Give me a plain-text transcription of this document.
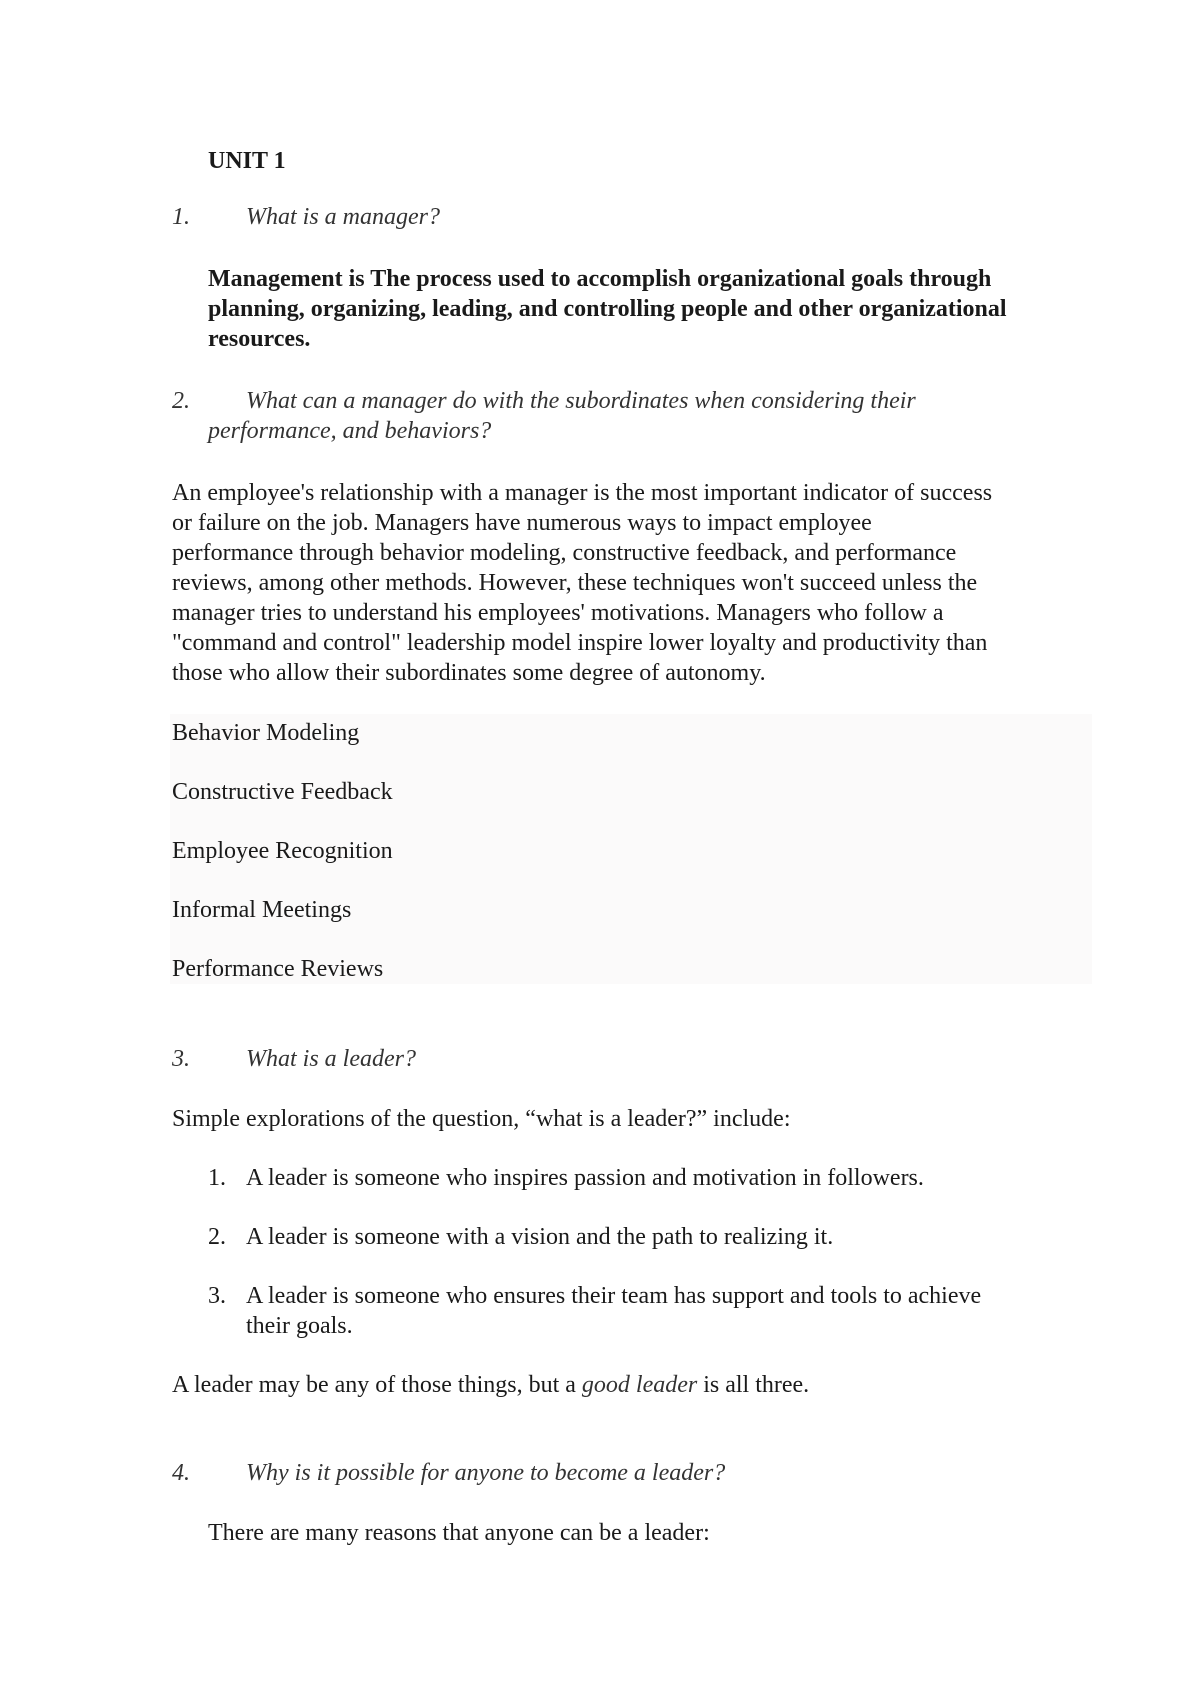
UNIT 1
1. What is a manager?

Management is The process used to accomplish organizational goals through

planning, organizing, leading, and controlling people and other organizational

resources.

2. What can a manager do with the subordinates when considering their
performance, and behaviors?

An employee's relationship with a manager is the most important indicator of success

or failure on the job. Managers have numerous ways to impact employee

performance through behavior modeling, constructive feedback, and performance

reviews, among other methods. However, these techniques won't succeed unless the

manager tries to understand his employees' motivations. Managers who follow a

"command and control" leadership model inspire lower loyalty and productivity than

those who allow their subordinates some degree of autonomy.

Behavior Modeling

Constructive Feedback

Employee Recognition

Informal Meetings

Performance Reviews

3. What is a leader?

Simple explorations of the question, “what is a leader?” include:

1. A leader is someone who inspires passion and motivation in followers.
2. A leader is someone with a vision and the path to realizing it.
3. A leader is someone who ensures their team has support and tools to achieve
their goals.

A leader may be any of those things, but a good leader is all three.

4. Why is it possible for anyone to become a leader?

There are many reasons that anyone can be a leader:
